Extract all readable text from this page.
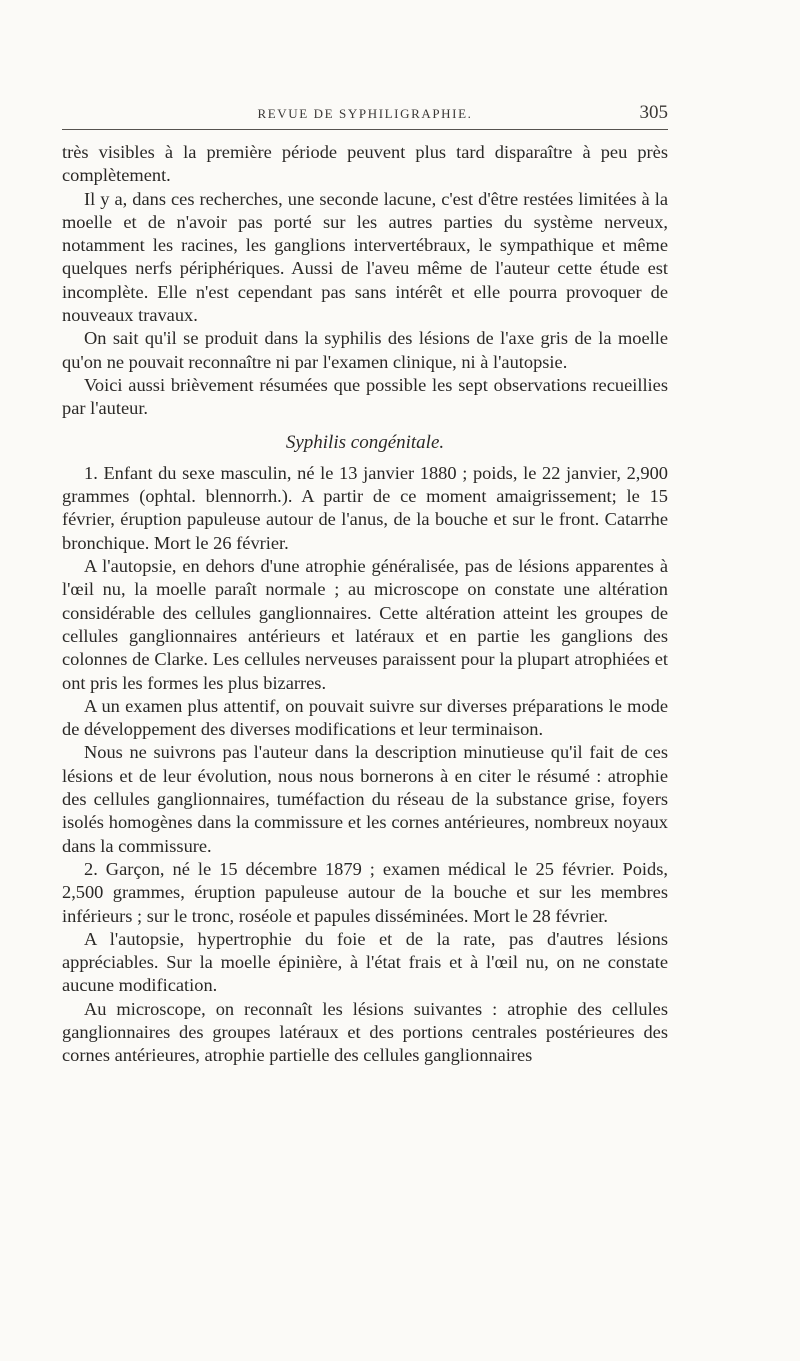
REVUE DE SYPHILIGRAPHIE.	305

très visibles à la première période peuvent plus tard disparaître à peu près complètement.

Il y a, dans ces recherches, une seconde lacune, c'est d'être restées limitées à la moelle et de n'avoir pas porté sur les autres parties du système nerveux, notamment les racines, les ganglions intervertébraux, le sympathique et même quelques nerfs périphériques. Aussi de l'aveu même de l'auteur cette étude est incomplète. Elle n'est cependant pas sans intérêt et elle pourra provoquer de nouveaux travaux.

On sait qu'il se produit dans la syphilis des lésions de l'axe gris de la moelle qu'on ne pouvait reconnaître ni par l'examen clinique, ni à l'autopsie.

Voici aussi brièvement résumées que possible les sept observations recueillies par l'auteur.

Syphilis congénitale.

1. Enfant du sexe masculin, né le 13 janvier 1880 ; poids, le 22 janvier, 2,900 grammes (ophtal. blennorrh.). A partir de ce moment amaigrissement; le 15 février, éruption papuleuse autour de l'anus, de la bouche et sur le front. Catarrhe bronchique. Mort le 26 février.

A l'autopsie, en dehors d'une atrophie généralisée, pas de lésions apparentes à l'œil nu, la moelle paraît normale ; au microscope on constate une altération considérable des cellules ganglionnaires. Cette altération atteint les groupes de cellules ganglionnaires antérieurs et latéraux et en partie les ganglions des colonnes de Clarke. Les cellules nerveuses paraissent pour la plupart atrophiées et ont pris les formes les plus bizarres.

A un examen plus attentif, on pouvait suivre sur diverses préparations le mode de développement des diverses modifications et leur terminaison.

Nous ne suivrons pas l'auteur dans la description minutieuse qu'il fait de ces lésions et de leur évolution, nous nous bornerons à en citer le résumé : atrophie des cellules ganglionnaires, tuméfaction du réseau de la substance grise, foyers isolés homogènes dans la commissure et les cornes antérieures, nombreux noyaux dans la commissure.

2. Garçon, né le 15 décembre 1879 ; examen médical le 25 février. Poids, 2,500 grammes, éruption papuleuse autour de la bouche et sur les membres inférieurs ; sur le tronc, roséole et papules disséminées. Mort le 28 février.

A l'autopsie, hypertrophie du foie et de la rate, pas d'autres lésions appréciables. Sur la moelle épinière, à l'état frais et à l'œil nu, on ne constate aucune modification.

Au microscope, on reconnaît les lésions suivantes : atrophie des cellules ganglionnaires des groupes latéraux et des portions centrales postérieures des cornes antérieures, atrophie partielle des cellules ganglionnaires
